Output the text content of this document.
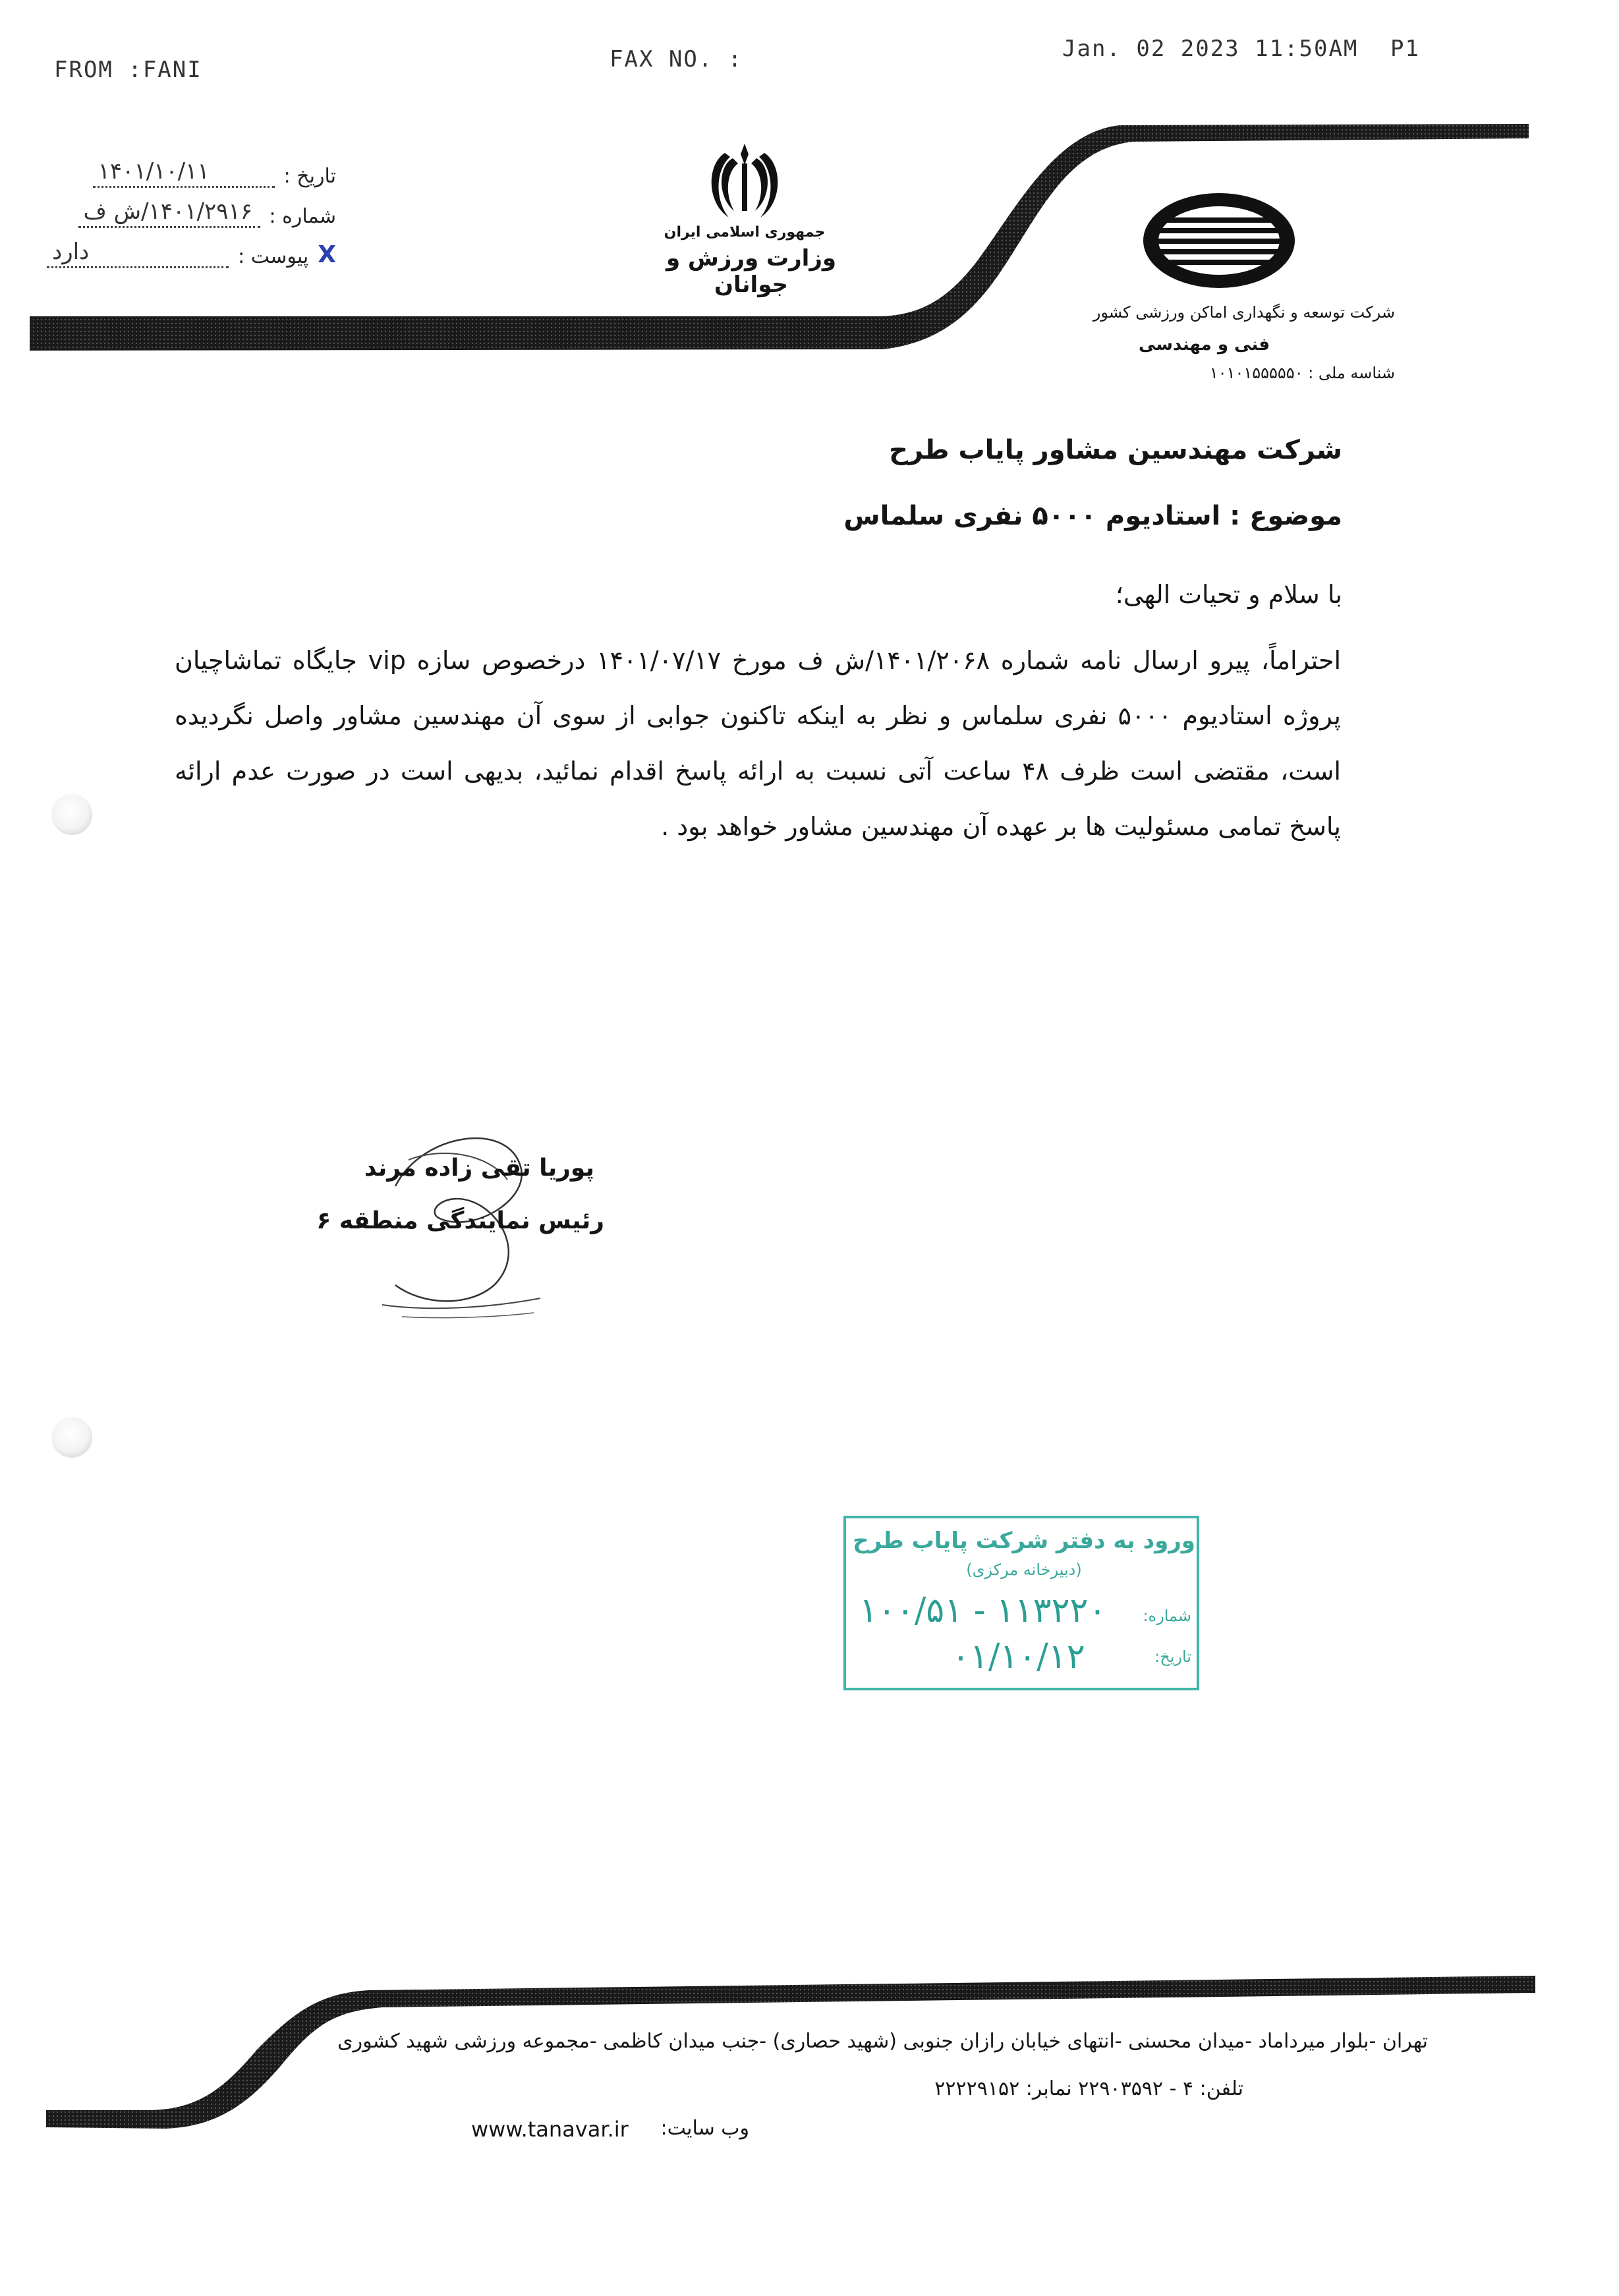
FROM :FANI	FAX NO. :	Jan. 02 2023 11:50AM P1
تاریخ :
۱۴۰۱/۱۰/۱۱
شماره :
۱۴۰۱/۲۹۱۶/ش ف
X
پیوست :
دارد
جمهوری اسلامی ایران
وزارت ورزش و جوانان
شرکت توسعه و نگهداری اماکن ورزشی کشور
فنی و مهندسی
شناسه ملی : ۱۰۱۰۱۵۵۵۵۵۰
شرکت مهندسین مشاور پایاب طرح
موضوع : استادیوم ۵۰۰۰ نفری سلماس
با سلام و تحیات الهی؛
احتراماً، پیرو ارسال نامه شماره ۱۴۰۱/۲۰۶۸/ش ف مورخ ۱۴۰۱/۰۷/۱۷ درخصوص سازه vip جایگاه تماشاچیان پروژه استادیوم ۵۰۰۰ نفری سلماس و نظر به اینکه تاکنون جوابی از سوی آن مهندسین مشاور واصل نگردیده است، مقتضی است ظرف ۴۸ ساعت آتی نسبت به ارائه پاسخ اقدام نمائید، بدیهی است در صورت عدم ارائه پاسخ تمامی مسئولیت ها بر عهده آن مهندسین مشاور خواهد بود .
پوریا تقی زاده مرند
رئیس نمایندگی منطقه ۶
ورود به دفتر شرکت پایاب طرح
(دبیرخانه مرکزی)
شماره:
۱۰۰/۵۱ - ۱۱۳۲۲۰
تاریخ:
۰۱/۱۰/۱۲
تهران -بلوار میرداماد -میدان محسنی -انتهای خیابان رازان جنوبی (شهید حصاری) -جنب میدان کاظمی -مجموعه ورزشی شهید کشوری
تلفن: ۴ - ۲۲۹۰۳۵۹۲ نمابر: ۲۲۲۲۹۱۵۲
وب سایت:
www.tanavar.ir
